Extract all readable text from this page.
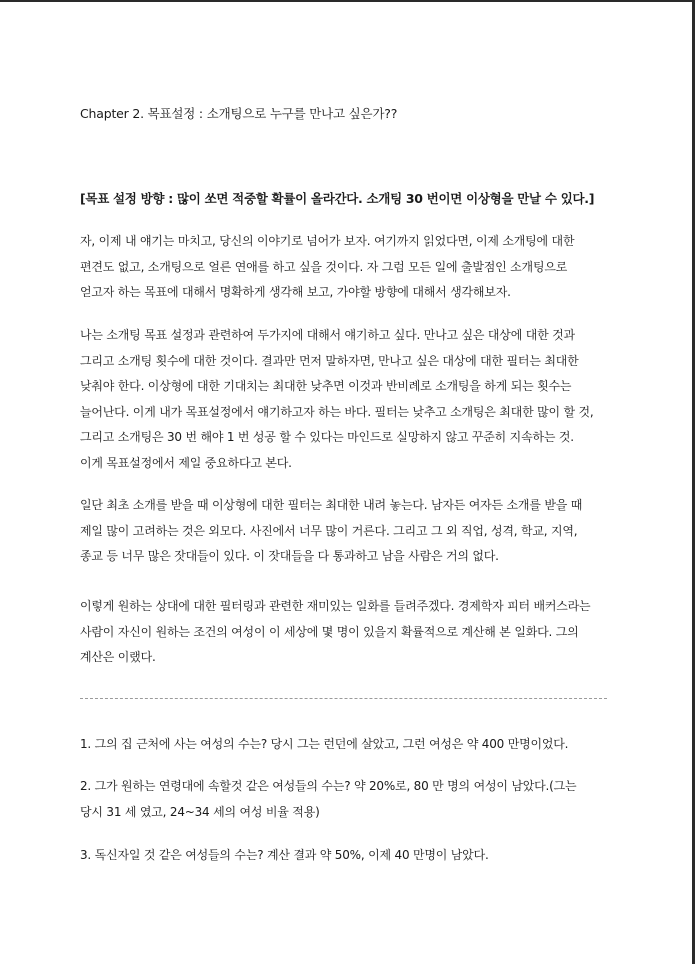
Chapter 2. 목표설정 : 소개팅으로 누구를 만나고 싶은가??
[목표 설정 방향 : 많이 쏘면 적중할 확률이 올라간다. 소개팅 30 번이면 이상형을 만날 수 있다.]
자, 이제 내 얘기는 마치고, 당신의 이야기로 넘어가 보자. 여기까지 읽었다면, 이제 소개팅에 대한
편견도 없고, 소개팅으로 얼른 연애를 하고 싶을 것이다. 자 그럼 모든 일에 출발점인 소개팅으로
얻고자 하는 목표에 대해서 명확하게 생각해 보고, 가야할 방향에 대해서 생각해보자.
나는 소개팅 목표 설정과 관련하여 두가지에 대해서 얘기하고 싶다. 만나고 싶은 대상에 대한 것과
그리고 소개팅 횟수에 대한 것이다. 결과만 먼저 말하자면, 만나고 싶은 대상에 대한 필터는 최대한
낮춰야 한다. 이상형에 대한 기대치는 최대한 낮추면 이것과 반비례로 소개팅을 하게 되는 횟수는
늘어난다. 이게 내가 목표설정에서 얘기하고자 하는 바다. 필터는 낮추고 소개팅은 최대한 많이 할 것,
그리고 소개팅은 30 번 해야 1 번 성공 할 수 있다는 마인드로 실망하지 않고 꾸준히 지속하는 것.
이게 목표설정에서 제일 중요하다고 본다.
일단 최초 소개를 받을 때 이상형에 대한 필터는 최대한 내려 놓는다. 남자든 여자든 소개를 받을 때
제일 많이 고려하는 것은 외모다. 사진에서 너무 많이 거른다. 그리고 그 외 직업, 성격, 학교, 지역,
종교 등 너무 많은 잣대들이 있다. 이 잣대들을 다 통과하고 남을 사람은 거의 없다.
이렇게 원하는 상대에 대한 필터링과 관련한 재미있는 일화를 들려주겠다. 경제학자 피터 배커스라는
사람이 자신이 원하는 조건의 여성이 이 세상에 몇 명이 있을지 확률적으로 계산해 본 일화다. 그의
계산은 이랬다.
1. 그의 집 근처에 사는 여성의 수는? 당시 그는 런던에 살았고, 그런 여성은 약 400 만명이었다.
2. 그가 원하는 연령대에 속할것 같은 여성들의 수는? 약 20%로, 80 만 명의 여성이 남았다.(그는
당시 31 세 였고, 24~34 세의 여성 비율 적용)
3. 독신자일 것 같은 여성들의 수는? 계산 결과 약 50%, 이제 40 만명이 남았다.
